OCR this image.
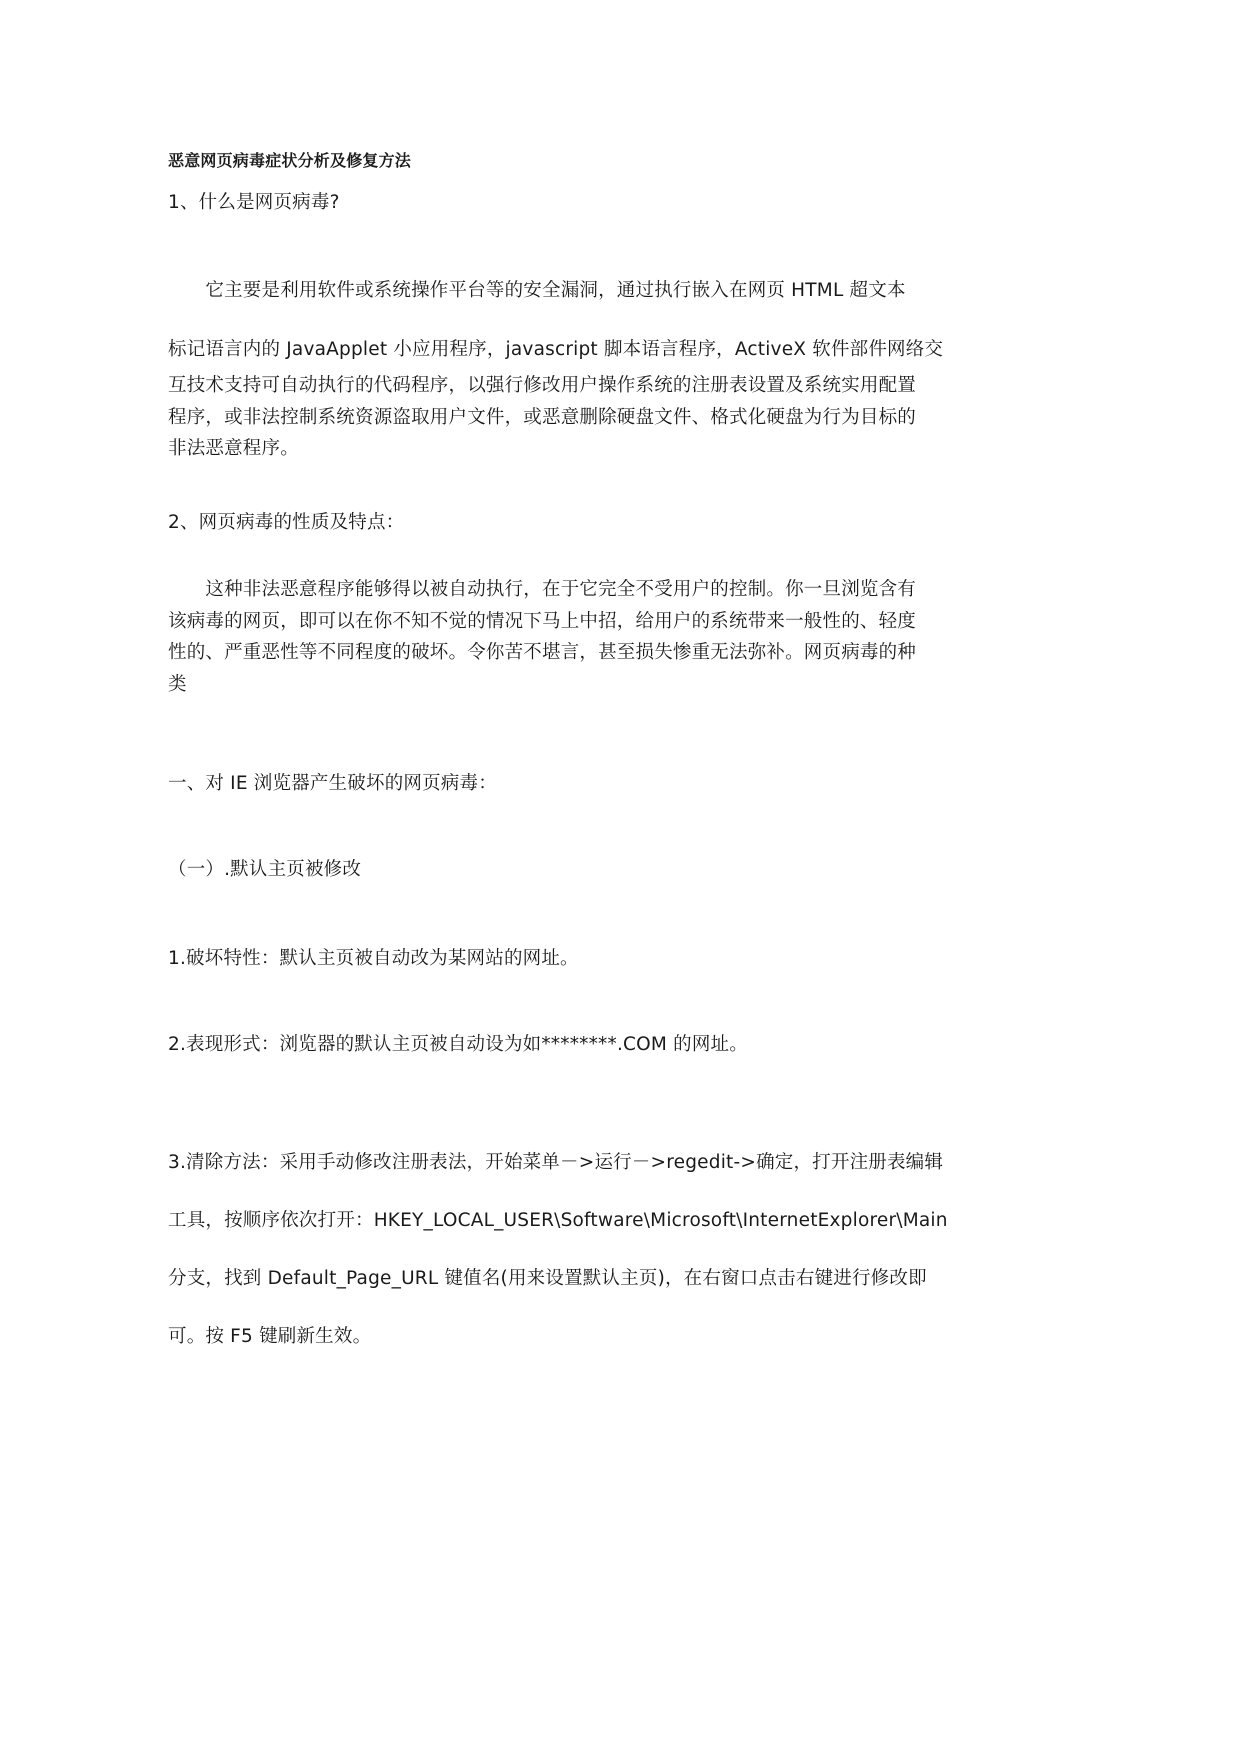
恶意网页病毒症状分析及修复方法

1、什么是网页病毒?

　　它主要是利用软件或系统操作平台等的安全漏洞，通过执行嵌入在网页 HTML 超文本

标记语言内的 JavaApplet 小应用程序，javascript 脚本语言程序，ActiveX 软件部件网络交

互技术支持可自动执行的代码程序，以强行修改用户操作系统的注册表设置及系统实用配置
程序，或非法控制系统资源盗取用户文件，或恶意删除硬盘文件、格式化硬盘为行为目标的
非法恶意程序。

2、网页病毒的性质及特点：

　　这种非法恶意程序能够得以被自动执行，在于它完全不受用户的控制。你一旦浏览含有
该病毒的网页，即可以在你不知不觉的情况下马上中招，给用户的系统带来一般性的、轻度
性的、严重恶性等不同程度的破坏。令你苦不堪言，甚至损失惨重无法弥补。网页病毒的种
类

一、对 IE 浏览器产生破坏的网页病毒：

（一）.默认主页被修改

1.破坏特性：默认主页被自动改为某网站的网址。

2.表现形式：浏览器的默认主页被自动设为如********.COM 的网址。

3.清除方法：采用手动修改注册表法，开始菜单－>运行－>regedit->确定，打开注册表编辑

工具，按顺序依次打开：HKEY_LOCAL_USER\Software\Microsoft\InternetExplorer\Main

分支，找到 Default_Page_URL 键值名(用来设置默认主页)，在右窗口点击右键进行修改即

可。按 F5 键刷新生效。
